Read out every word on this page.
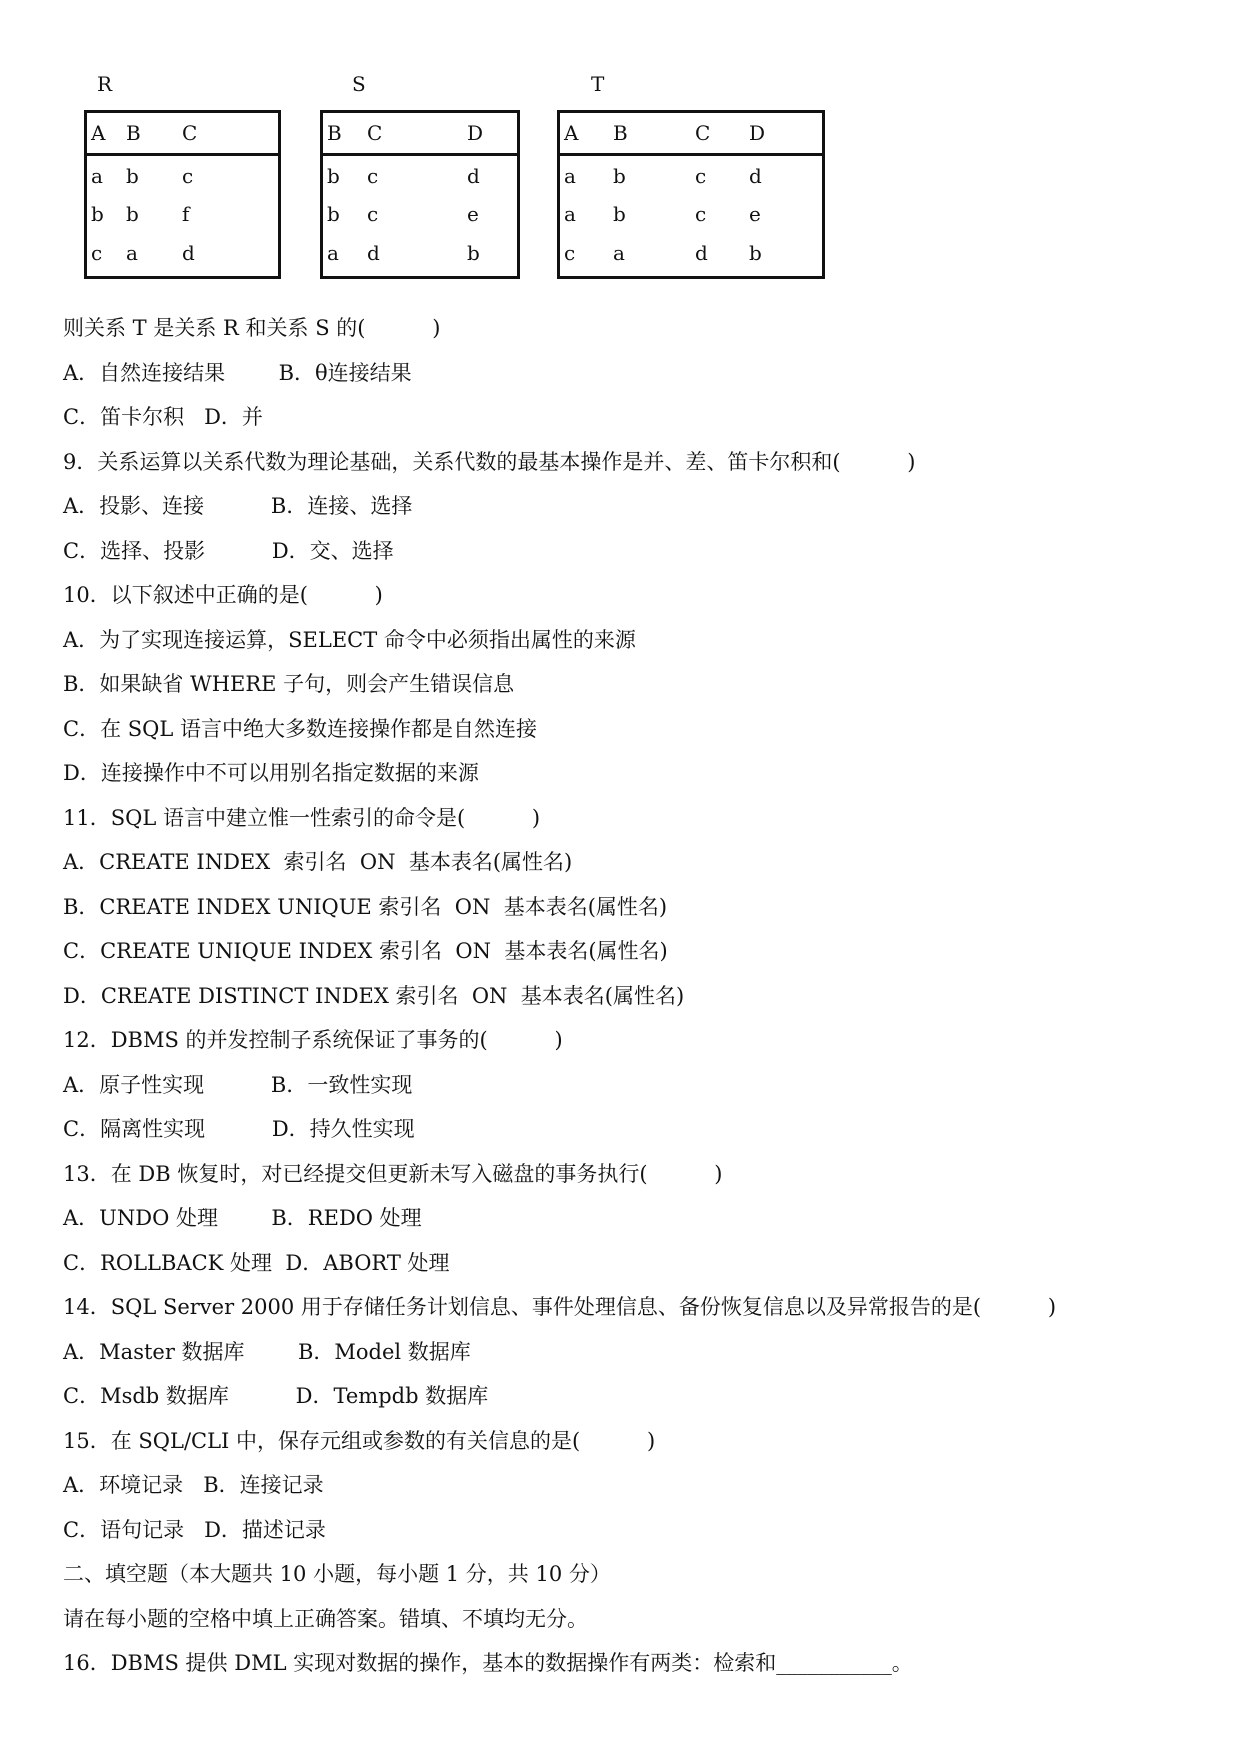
R	S	T
A B C
a b c
b b f
c a d
B C	D
b c	d
b c	e
a d	b
A B	C D
a b	c d
a b	c e
c a	d b
则关系 T 是关系 R 和关系 S 的(          )
A．自然连接结果        B．θ连接结果
C．笛卡尔积   D．并
9．关系运算以关系代数为理论基础，关系代数的最基本操作是并、差、笛卡尔积和(          )
A．投影、连接          B．连接、选择
C．选择、投影          D．交、选择
10．以下叙述中正确的是(          )
A．为了实现连接运算，SELECT 命令中必须指出属性的来源
B．如果缺省 WHERE 子句，则会产生错误信息
C．在 SQL 语言中绝大多数连接操作都是自然连接
D．连接操作中不可以用别名指定数据的来源
11．SQL 语言中建立惟一性索引的命令是(          )
A．CREATE INDEX  索引名  ON  基本表名(属性名)
B．CREATE INDEX UNIQUE 索引名  ON  基本表名(属性名)
C．CREATE UNIQUE INDEX 索引名  ON  基本表名(属性名)
D．CREATE DISTINCT INDEX 索引名  ON  基本表名(属性名)
12．DBMS 的并发控制子系统保证了事务的(          )
A．原子性实现          B．一致性实现
C．隔离性实现          D．持久性实现
13．在 DB 恢复时，对已经提交但更新未写入磁盘的事务执行(          )
A．UNDO 处理        B．REDO 处理
C．ROLLBACK 处理  D．ABORT 处理
14．SQL Server 2000 用于存储任务计划信息、事件处理信息、备份恢复信息以及异常报告的是(          )
A．Master 数据库        B．Model 数据库
C．Msdb 数据库          D．Tempdb 数据库
15．在 SQL/CLI 中，保存元组或参数的有关信息的是(          )
A．环境记录   B．连接记录
C．语句记录   D．描述记录
二、填空题（本大题共 10 小题，每小题 1 分，共 10 分）
请在每小题的空格中填上正确答案。错填、不填均无分。
16．DBMS 提供 DML 实现对数据的操作，基本的数据操作有两类：检索和___________。
